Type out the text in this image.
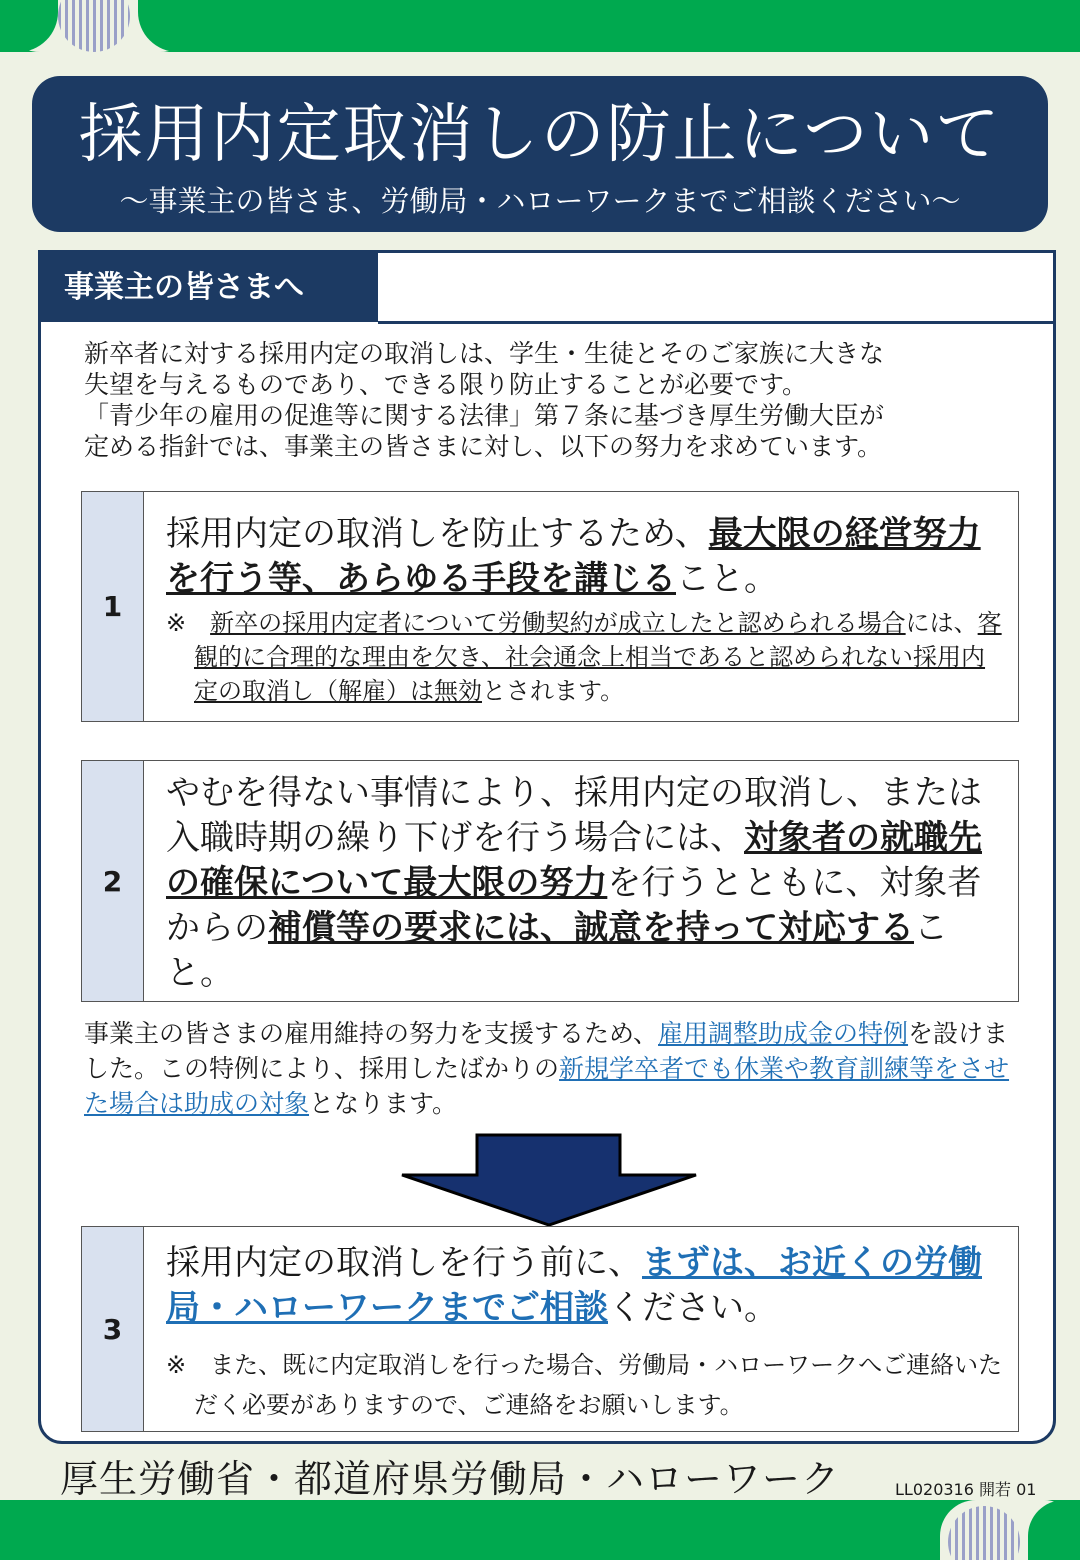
採用内定取消しの防止について
〜事業主の皆さま、労働局・ハローワークまでご相談ください〜
事業主の皆さまへ
新卒者に対する採用内定の取消しは、学生・生徒とそのご家族に大きな
失望を与えるものであり、できる限り防止することが必要です。
「青少年の雇用の促進等に関する法律」第７条に基づき厚生労働大臣が
定める指針では、事業主の皆さまに対し、以下の努力を求めています。
1
採用内定の取消しを防止するため、最大限の経営努力を行う等、あらゆる手段を講じること。
※　新卒の採用内定者について労働契約が成立したと認められる場合には、客観的に合理的な理由を欠き、社会通念上相当であると認められない採用内定の取消し（解雇）は無効とされます。
2
やむを得ない事情により、採用内定の取消し、または入職時期の繰り下げを行う場合には、対象者の就職先の確保について最大限の努力を行うとともに、対象者からの補償等の要求には、誠意を持って対応すること。
事業主の皆さまの雇用維持の努力を支援するため、雇用調整助成金の特例を設けました。この特例により、採用したばかりの新規学卒者でも休業や教育訓練等をさせた場合は助成の対象となります。
3
採用内定の取消しを行う前に、まずは、お近くの労働局・ハローワークまでご相談ください。
※　また、既に内定取消しを行った場合、労働局・ハローワークへご連絡いただく必要がありますので、ご連絡をお願いします。
厚生労働省・都道府県労働局・ハローワーク	LL020316 開若 01
